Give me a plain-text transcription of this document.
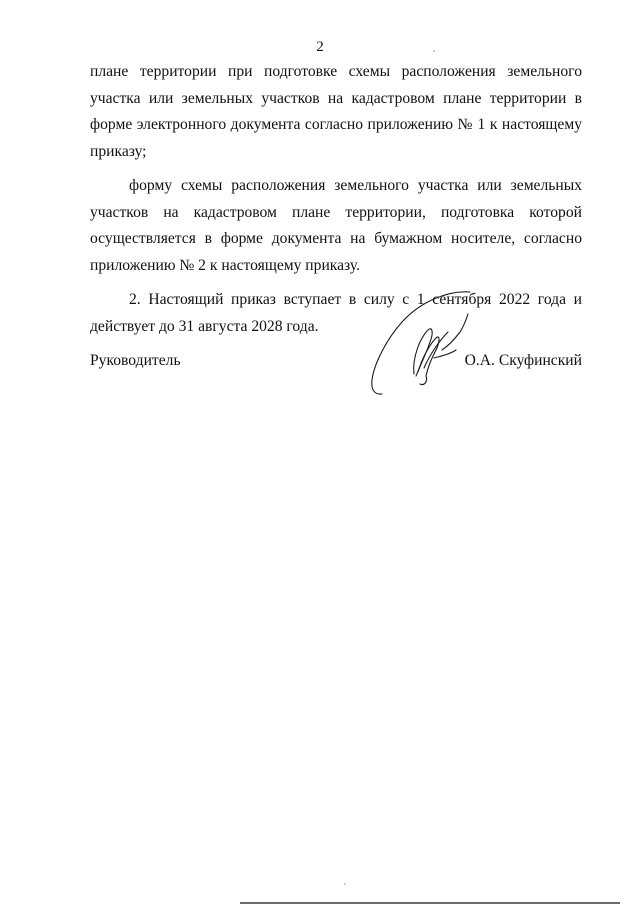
2

плане территории при подготовке схемы расположения земельного участка или земельных участков на кадастровом плане территории в форме электронного документа согласно приложению № 1 к настоящему приказу;

форму схемы расположения земельного участка или земельных участков на кадастровом плане территории, подготовка которой осуществляется в форме документа на бумажном носителе, согласно приложению № 2 к настоящему приказу.

2. Настоящий приказ вступает в силу с 1 сентября 2022 года и действует до 31 августа 2028 года.

Руководитель	О.А. Скуфинский
